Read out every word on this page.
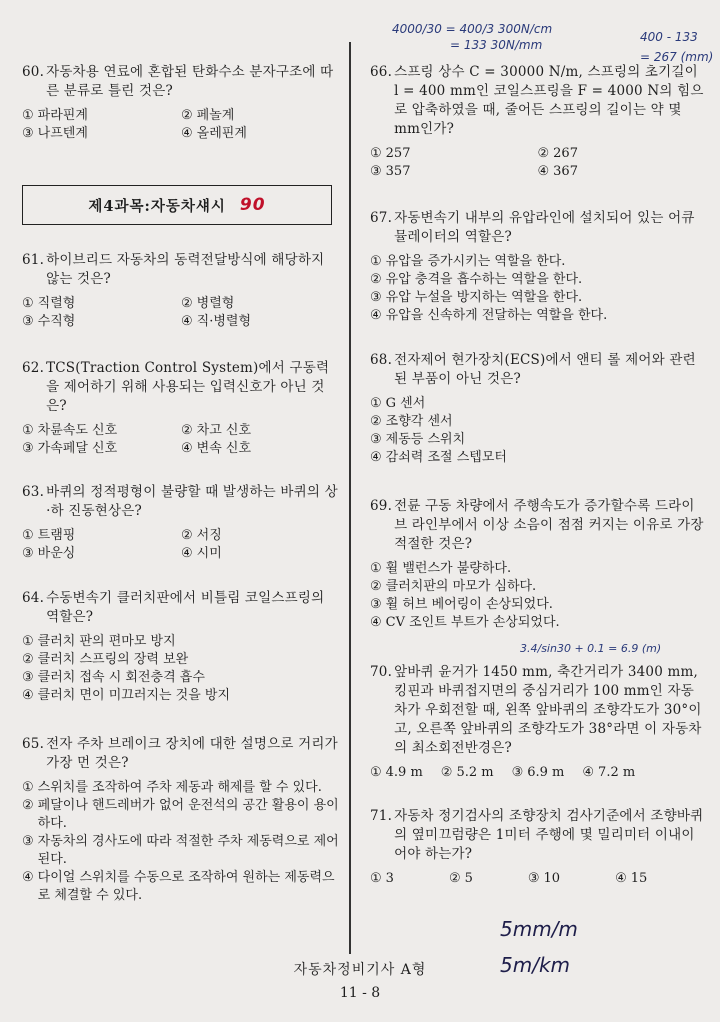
4000/30 = 400/3 300N/cm
= 133 30N/mm
400 - 133
= 267 (mm)
60. 자동차용 연료에 혼합된 탄화수소 분자구조에 따른 분류로 틀린 것은?
① 파라핀계	② 페놀계
③ 나프텐계	④ 올레핀계
제4과목:자동차섀시 90
61. 하이브리드 자동차의 동력전달방식에 해당하지 않는 것은?
① 직렬형	② 병렬형
③ 수직형	④ 직·병렬형
62. TCS(Traction Control System)에서 구동력을 제어하기 위해 사용되는 입력신호가 아닌 것은?
① 차륜속도 신호	② 차고 신호
③ 가속페달 신호	④ 변속 신호
63. 바퀴의 정적평형이 불량할 때 발생하는 바퀴의 상·하 진동현상은?
① 트램핑	② 서징
③ 바운싱	④ 시미
64. 수동변속기 클러치판에서 비틀림 코일스프링의 역할은?
① 클러치 판의 편마모 방지
② 클러치 스프링의 장력 보완
③ 클러치 접속 시 회전충격 흡수
④ 클러치 면이 미끄러지는 것을 방지
65. 전자 주차 브레이크 장치에 대한 설명으로 거리가 가장 먼 것은?
① 스위치를 조작하여 주차 제동과 해제를 할 수 있다.
② 페달이나 핸드레버가 없어 운전석의 공간 활용이 용이하다.
③ 자동차의 경사도에 따라 적절한 주차 제동력으로 제어된다.
④ 다이얼 스위치를 수동으로 조작하여 원하는 제동력으로 체결할 수 있다.
66. 스프링 상수 C = 30000 N/m, 스프링의 초기길이 l = 400 mm인 코일스프링을 F = 4000 N의 힘으로 압축하였을 때, 줄어든 스프링의 길이는 약 몇 mm인가?
① 257	② 267
③ 357	④ 367
67. 자동변속기 내부의 유압라인에 설치되어 있는 어큐뮬레이터의 역할은?
① 유압을 증가시키는 역할을 한다.
② 유압 충격을 흡수하는 역할을 한다.
③ 유압 누설을 방지하는 역할을 한다.
④ 유압을 신속하게 전달하는 역할을 한다.
68. 전자제어 현가장치(ECS)에서 앤티 롤 제어와 관련된 부품이 아닌 것은?
① G 센서
② 조향각 센서
③ 제동등 스위치
④ 감쇠력 조절 스텝모터
69. 전륜 구동 차량에서 주행속도가 증가할수록 드라이브 라인부에서 이상 소음이 점점 커지는 이유로 가장 적절한 것은?
① 휠 밸런스가 불량하다.
② 클러치판의 마모가 심하다.
③ 휠 허브 베어링이 손상되었다.
④ CV 조인트 부트가 손상되었다.
3.4/sin30 + 0.1 = 6.9 (m)
70. 앞바퀴 윤거가 1450 mm, 축간거리가 3400 mm, 킹핀과 바퀴접지면의 중심거리가 100 mm인 자동차가 우회전할 때, 왼쪽 앞바퀴의 조향각도가 30°이고, 오른쪽 앞바퀴의 조향각도가 38°라면 이 자동차의 최소회전반경은?
① 4.9 m ② 5.2 m ③ 6.9 m ④ 7.2 m
71. 자동차 정기검사의 조향장치 검사기준에서 조향바퀴의 옆미끄럼량은 1미터 주행에 몇 밀리미터 이내이어야 하는가?
① 3	② 5	③ 10	④ 15
5mm/m
5m/km
자동차정비기사 A형
11 - 8
